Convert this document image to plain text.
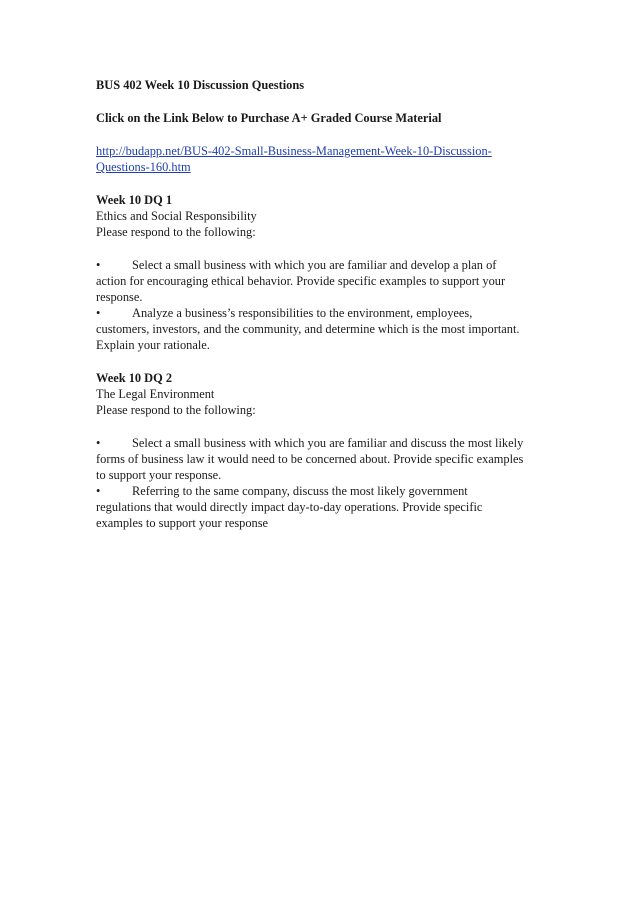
BUS 402 Week 10 Discussion Questions

Click on the Link Below to Purchase A+ Graded Course Material

http://budapp.net/BUS-402-Small-Business-Management-Week-10-Discussion-
Questions-160.htm

Week 10 DQ 1

Ethics and Social Responsibility

Please respond to the following:

•	Select a small business with which you are familiar and develop a plan of
action for encouraging ethical behavior. Provide specific examples to support your
response.
•	Analyze a business’s responsibilities to the environment, employees,
customers, investors, and the community, and determine which is the most important.
Explain your rationale.

Week 10 DQ 2

The Legal Environment

Please respond to the following:

•	Select a small business with which you are familiar and discuss the most likely
forms of business law it would need to be concerned about. Provide specific examples
to support your response.
•	Referring to the same company, discuss the most likely government
regulations that would directly impact day-to-day operations. Provide specific
examples to support your response
